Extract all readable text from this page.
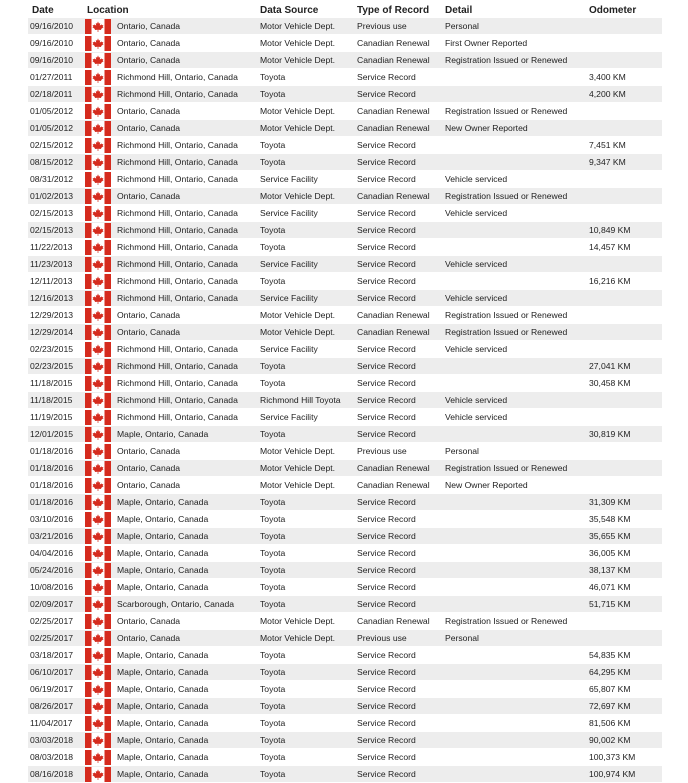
Date	Location	Data Source	Type of Record	Detail	Odometer
09/16/2010	Ontario, Canada	Motor Vehicle Dept.	Previous use	Personal	
09/16/2010	Ontario, Canada	Motor Vehicle Dept.	Canadian Renewal	First Owner Reported	
09/16/2010	Ontario, Canada	Motor Vehicle Dept.	Canadian Renewal	Registration Issued or Renewed	
01/27/2011	Richmond Hill, Ontario, Canada	Toyota	Service Record		3,400 KM
02/18/2011	Richmond Hill, Ontario, Canada	Toyota	Service Record		4,200 KM
01/05/2012	Ontario, Canada	Motor Vehicle Dept.	Canadian Renewal	Registration Issued or Renewed	
01/05/2012	Ontario, Canada	Motor Vehicle Dept.	Canadian Renewal	New Owner Reported	
02/15/2012	Richmond Hill, Ontario, Canada	Toyota	Service Record		7,451 KM
08/15/2012	Richmond Hill, Ontario, Canada	Toyota	Service Record		9,347 KM
08/31/2012	Richmond Hill, Ontario, Canada	Service Facility	Service Record	Vehicle serviced	
01/02/2013	Ontario, Canada	Motor Vehicle Dept.	Canadian Renewal	Registration Issued or Renewed	
02/15/2013	Richmond Hill, Ontario, Canada	Service Facility	Service Record	Vehicle serviced	
02/15/2013	Richmond Hill, Ontario, Canada	Toyota	Service Record		10,849 KM
11/22/2013	Richmond Hill, Ontario, Canada	Toyota	Service Record		14,457 KM
11/23/2013	Richmond Hill, Ontario, Canada	Service Facility	Service Record	Vehicle serviced	
12/11/2013	Richmond Hill, Ontario, Canada	Toyota	Service Record		16,216 KM
12/16/2013	Richmond Hill, Ontario, Canada	Service Facility	Service Record	Vehicle serviced	
12/29/2013	Ontario, Canada	Motor Vehicle Dept.	Canadian Renewal	Registration Issued or Renewed	
12/29/2014	Ontario, Canada	Motor Vehicle Dept.	Canadian Renewal	Registration Issued or Renewed	
02/23/2015	Richmond Hill, Ontario, Canada	Service Facility	Service Record	Vehicle serviced	
02/23/2015	Richmond Hill, Ontario, Canada	Toyota	Service Record		27,041 KM
11/18/2015	Richmond Hill, Ontario, Canada	Toyota	Service Record		30,458 KM
11/18/2015	Richmond Hill, Ontario, Canada	Richmond Hill Toyota	Service Record	Vehicle serviced	
11/19/2015	Richmond Hill, Ontario, Canada	Service Facility	Service Record	Vehicle serviced	
12/01/2015	Maple, Ontario, Canada	Toyota	Service Record		30,819 KM
01/18/2016	Ontario, Canada	Motor Vehicle Dept.	Previous use	Personal	
01/18/2016	Ontario, Canada	Motor Vehicle Dept.	Canadian Renewal	Registration Issued or Renewed	
01/18/2016	Ontario, Canada	Motor Vehicle Dept.	Canadian Renewal	New Owner Reported	
01/18/2016	Maple, Ontario, Canada	Toyota	Service Record		31,309 KM
03/10/2016	Maple, Ontario, Canada	Toyota	Service Record		35,548 KM
03/21/2016	Maple, Ontario, Canada	Toyota	Service Record		35,655 KM
04/04/2016	Maple, Ontario, Canada	Toyota	Service Record		36,005 KM
05/24/2016	Maple, Ontario, Canada	Toyota	Service Record		38,137 KM
10/08/2016	Maple, Ontario, Canada	Toyota	Service Record		46,071 KM
02/09/2017	Scarborough, Ontario, Canada	Toyota	Service Record		51,715 KM
02/25/2017	Ontario, Canada	Motor Vehicle Dept.	Canadian Renewal	Registration Issued or Renewed	
02/25/2017	Ontario, Canada	Motor Vehicle Dept.	Previous use	Personal	
03/18/2017	Maple, Ontario, Canada	Toyota	Service Record		54,835 KM
06/10/2017	Maple, Ontario, Canada	Toyota	Service Record		64,295 KM
06/19/2017	Maple, Ontario, Canada	Toyota	Service Record		65,807 KM
08/26/2017	Maple, Ontario, Canada	Toyota	Service Record		72,697 KM
11/04/2017	Maple, Ontario, Canada	Toyota	Service Record		81,506 KM
03/03/2018	Maple, Ontario, Canada	Toyota	Service Record		90,002 KM
08/03/2018	Maple, Ontario, Canada	Toyota	Service Record		100,373 KM
08/16/2018	Maple, Ontario, Canada	Toyota	Service Record		100,974 KM
